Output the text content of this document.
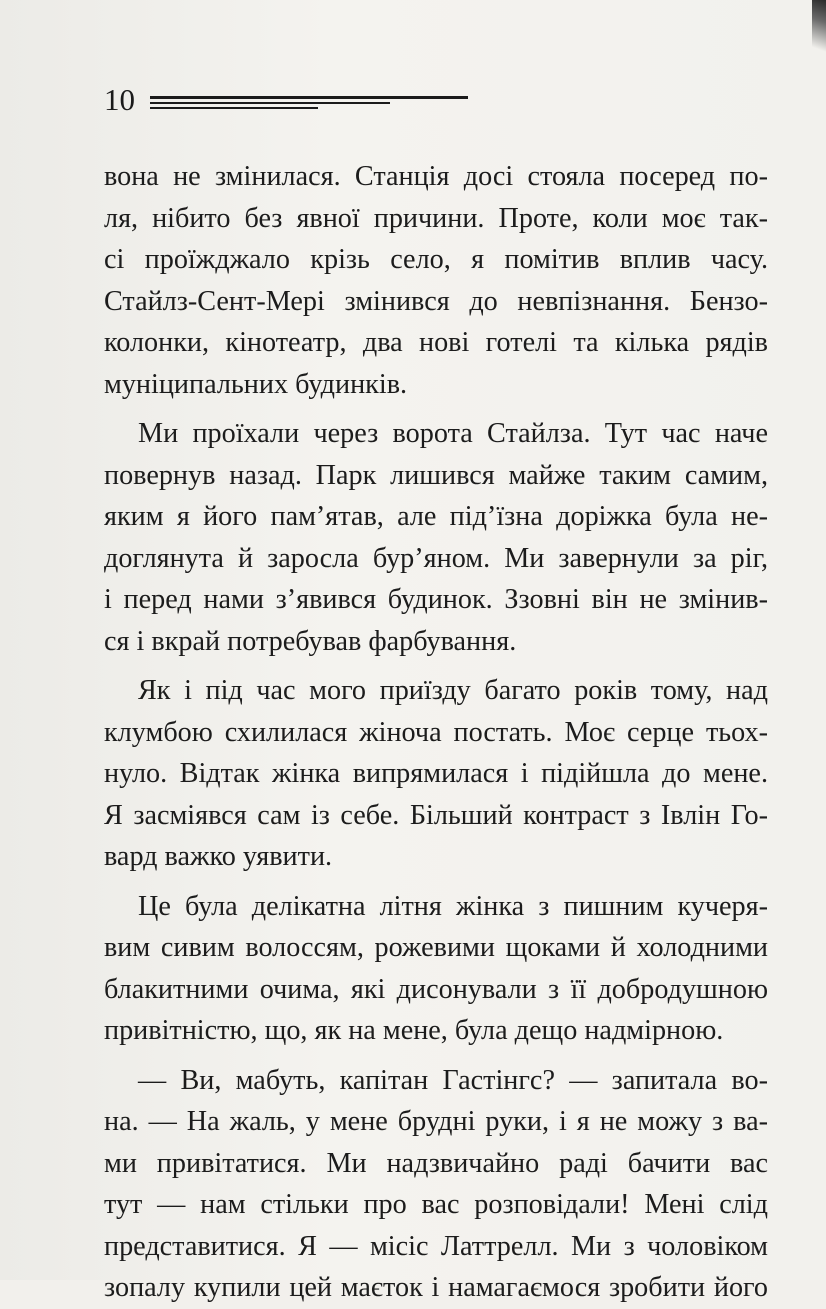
10
вона не змінилася. Станція досі стояла посеред по-
ля, нібито без явної причини. Проте, коли моє так-
сі проїжджало крізь село, я помітив вплив часу.
Стайлз-Сент-Мері змінився до невпізнання. Бензо-
колонки, кінотеатр, два нові готелі та кілька рядів
муніципальних будинків.
Ми проїхали через ворота Стайлза. Тут час наче
повернув назад. Парк лишився майже таким самим,
яким я його пам’ятав, але під’їзна доріжка була не-
доглянута й заросла бур’яном. Ми завернули за ріг,
і перед нами з’явився будинок. Ззовні він не змінив-
ся і вкрай потребував фарбування.
Як і під час мого приїзду багато років тому, над
клумбою схилилася жіноча постать. Моє серце тьох-
нуло. Відтак жінка випрямилася і підійшла до мене.
Я засміявся сам із себе. Більший контраст з Івлін Го-
вард важко уявити.
Це була делікатна літня жінка з пишним кучеря-
вим сивим волоссям, рожевими щоками й холодними
блакитними очима, які дисонували з її добродушною
привітністю, що, як на мене, була дещо надмірною.
— Ви, мабуть, капітан Гастінгс? — запитала во-
на. — На жаль, у мене брудні руки, і я не можу з ва-
ми привітатися. Ми надзвичайно раді бачити вас
тут — нам стільки про вас розповідали! Мені слід
представитися. Я — місіс Латтрелл. Ми з чоловіком
зопалу купили цей маєток і намагаємося зробити його
